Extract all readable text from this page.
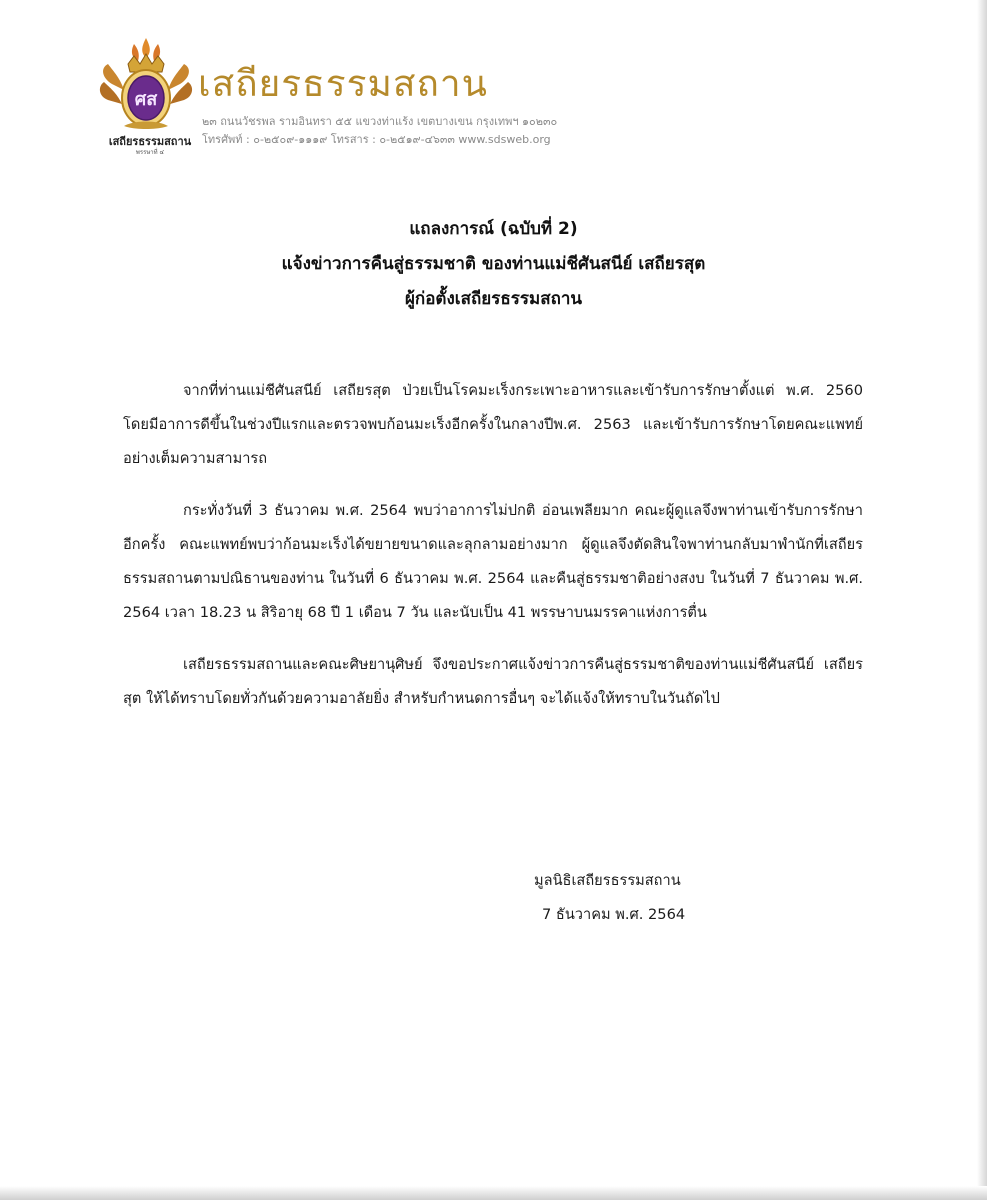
ศส
เสถียรธรรมสถาน
พรรษาที่ ๔
เสถียรธรรมสถาน
๒๓ ถนนวัชรพล รามอินทรา ๕๕ แขวงท่าแร้ง เขตบางเขน กรุงเทพฯ ๑๐๒๓๐
โทรศัพท์ : ๐-๒๕๐๙-๑๑๑๙ โทรสาร : ๐-๒๕๑๙-๔๖๓๓ www.sdsweb.org
แถลงการณ์ (ฉบับที่ 2)
แจ้งข่าวการคืนสู่ธรรมชาติ ของท่านแม่ชีศันสนีย์ เสถียรสุต
ผู้ก่อตั้งเสถียรธรรมสถาน

จากที่ท่านแม่ชีศันสนีย์ เสถียรสุต ป่วยเป็นโรคมะเร็งกระเพาะอาหารและเข้ารับการรักษาตั้งแต่ พ.ศ. 2560 โดยมีอาการดีขึ้นในช่วงปีแรกและตรวจพบก้อนมะเร็งอีกครั้งในกลางปีพ.ศ. 2563 และเข้ารับการรักษาโดยคณะแพทย์อย่างเต็มความสามารถ

กระทั่งวันที่ 3 ธันวาคม พ.ศ. 2564 พบว่าอาการไม่ปกติ อ่อนเพลียมาก คณะผู้ดูแลจึงพาท่านเข้ารับการรักษาอีกครั้ง คณะแพทย์พบว่าก้อนมะเร็งได้ขยายขนาดและลุกลามอย่างมาก ผู้ดูแลจึงตัดสินใจพาท่านกลับมาพำนักที่เสถียรธรรมสถานตามปณิธานของท่าน ในวันที่ 6 ธันวาคม พ.ศ. 2564 และคืนสู่ธรรมชาติอย่างสงบ ในวันที่ 7 ธันวาคม พ.ศ. 2564 เวลา 18.23 น สิริอายุ 68 ปี 1 เดือน 7 วัน และนับเป็น 41 พรรษาบนมรรคาแห่งการตื่น

เสถียรธรรมสถานและคณะศิษยานุศิษย์ จึงขอประกาศแจ้งข่าวการคืนสู่ธรรมชาติของท่านแม่ชีศันสนีย์ เสถียรสุต ให้ได้ทราบโดยทั่วกันด้วยความอาลัยยิ่ง สำหรับกำหนดการอื่นๆ จะได้แจ้งให้ทราบในวันถัดไป

มูลนิธิเสถียรธรรมสถาน
7 ธันวาคม พ.ศ. 2564
